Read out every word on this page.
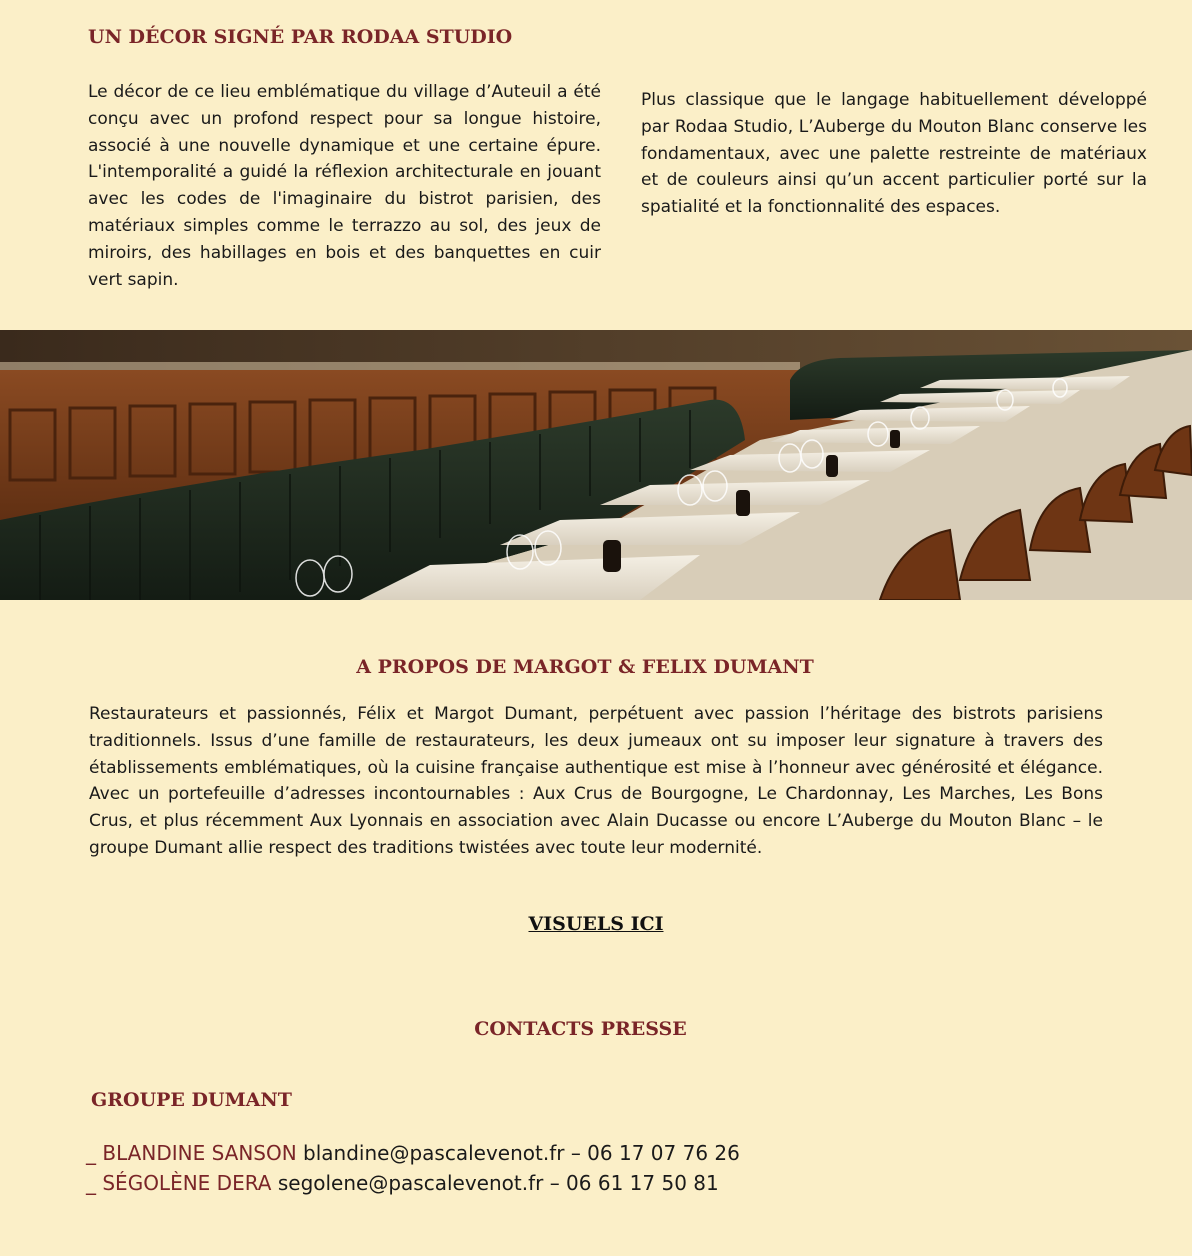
UN DÉCOR SIGNÉ PAR RODAA STUDIO

Le décor de ce lieu emblématique du village d’Auteuil a été conçu avec un profond respect pour sa longue histoire, associé à une nouvelle dynamique et une certaine épure. L'intemporalité a guidé la réflexion architecturale en jouant avec les codes de l'imaginaire du bistrot parisien, des matériaux simples comme le terrazzo au sol, des jeux de miroirs, des habillages en bois et des banquettes en cuir vert sapin.

Plus classique que le langage habituellement développé par Rodaa Studio, L’Auberge du Mouton Blanc conserve les fondamentaux, avec une palette restreinte de matériaux et de couleurs ainsi qu’un accent particulier porté sur la spatialité et la fonctionnalité des espaces.

A PROPOS DE MARGOT & FELIX DUMANT

Restaurateurs et passionnés, Félix et Margot Dumant, perpétuent avec passion l’héritage des bistrots parisiens traditionnels. Issus d’une famille de restaurateurs, les deux jumeaux ont su imposer leur signature à travers des établissements emblématiques, où la cuisine française authentique est mise à l’honneur avec générosité et élégance. Avec un portefeuille d’adresses incontournables : Aux Crus de Bourgogne, Le Chardonnay, Les Marches, Les Bons Crus, et plus récemment Aux Lyonnais en association avec Alain Ducasse ou encore L’Auberge du Mouton Blanc – le groupe Dumant allie respect des traditions twistées avec toute leur modernité.

VISUELS ICI
CONTACTS PRESSE
GROUPE DUMANT

_ BLANDINE SANSON blandine@pascalevenot.fr – 06 17 07 76 26

_ SÉGOLÈNE DERA segolene@pascalevenot.fr – 06 61 17 50 81
